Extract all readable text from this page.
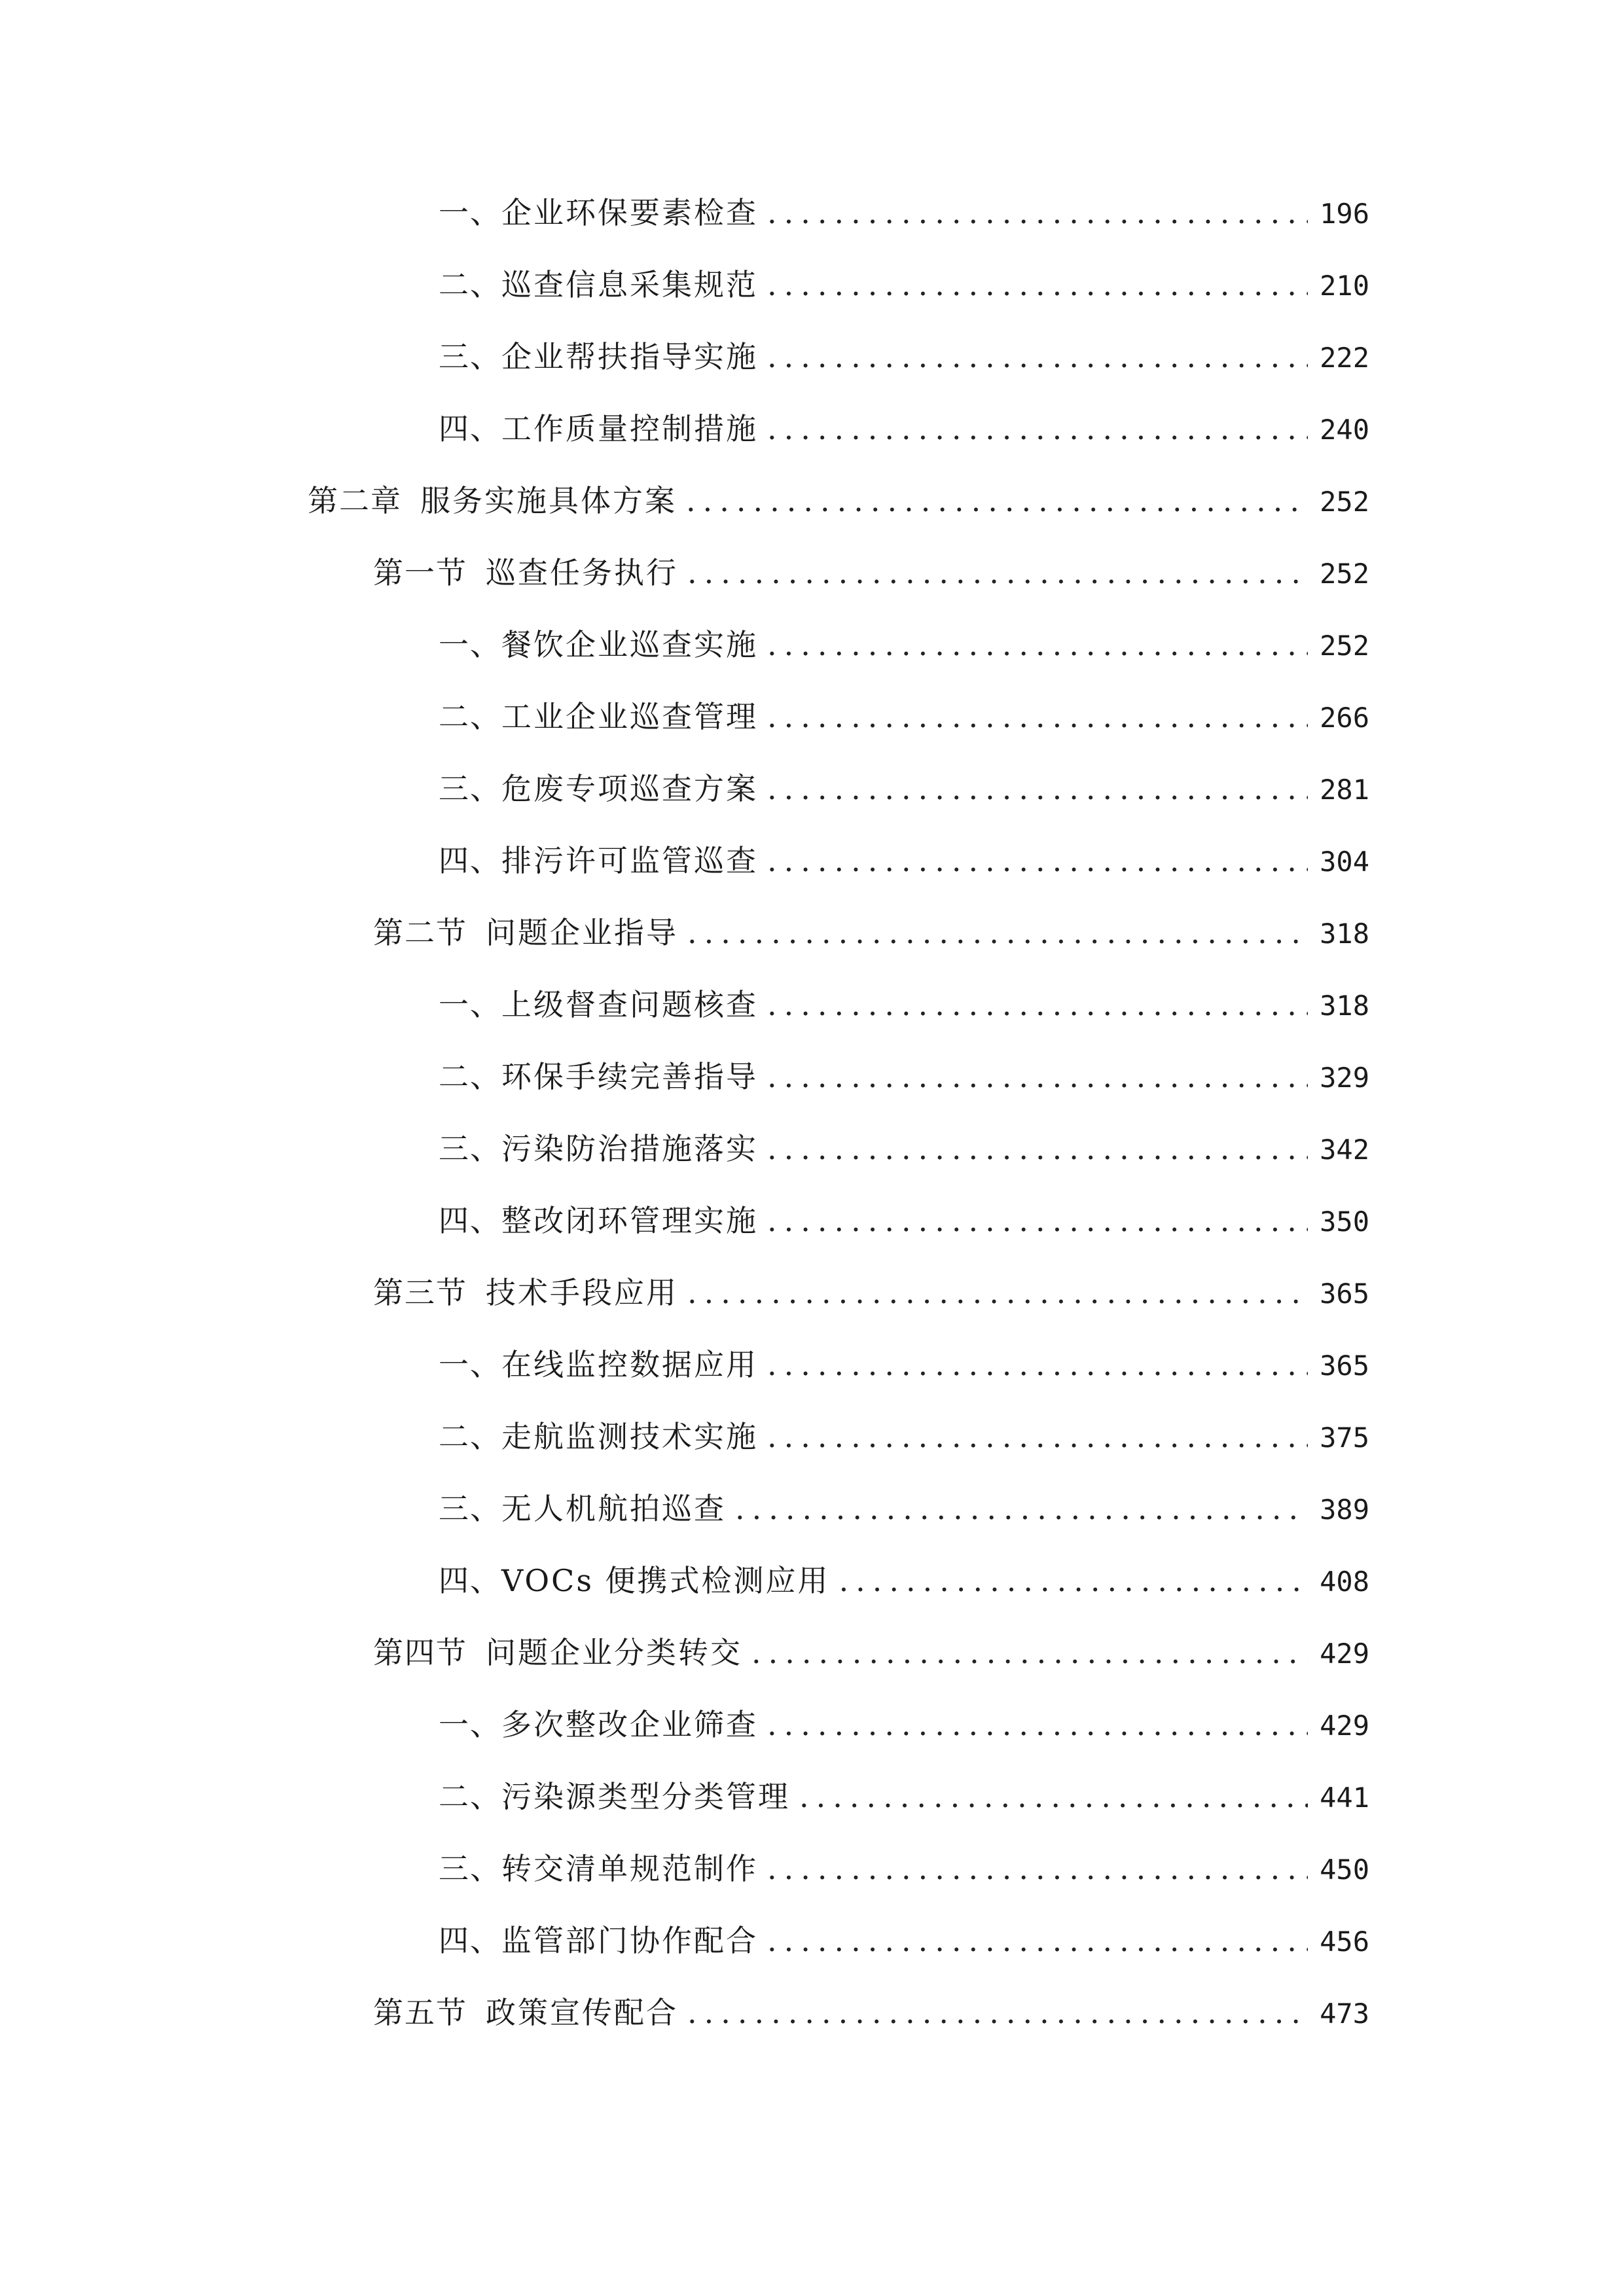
一、 企业环保要素检查 .....	196
二、 巡查信息采集规范 .....	210
三、 企业帮扶指导实施 .....	222
四、 工作质量控制措施 .....	240
第二章 服务实施具体方案 .....	252
第一节 巡查任务执行 .....	252
一、 餐饮企业巡查实施 .....	252
二、 工业企业巡查管理 .....	266
三、 危废专项巡查方案 .....	281
四、 排污许可监管巡查 .....	304
第二节 问题企业指导 .....	318
一、 上级督查问题核查 .....	318
二、 环保手续完善指导 .....	329
三、 污染防治措施落实 .....	342
四、 整改闭环管理实施 .....	350
第三节 技术手段应用 .....	365
一、 在线监控数据应用 .....	365
二、 走航监测技术实施 .....	375
三、 无人机航拍巡查 .....	389
四、 VOCs 便携式检测应用 .....	408
第四节 问题企业分类转交 .....	429
一、 多次整改企业筛查 .....	429
二、 污染源类型分类管理 .....	441
三、 转交清单规范制作 .....	450
四、 监管部门协作配合 .....	456
第五节 政策宣传配合 .....	473
